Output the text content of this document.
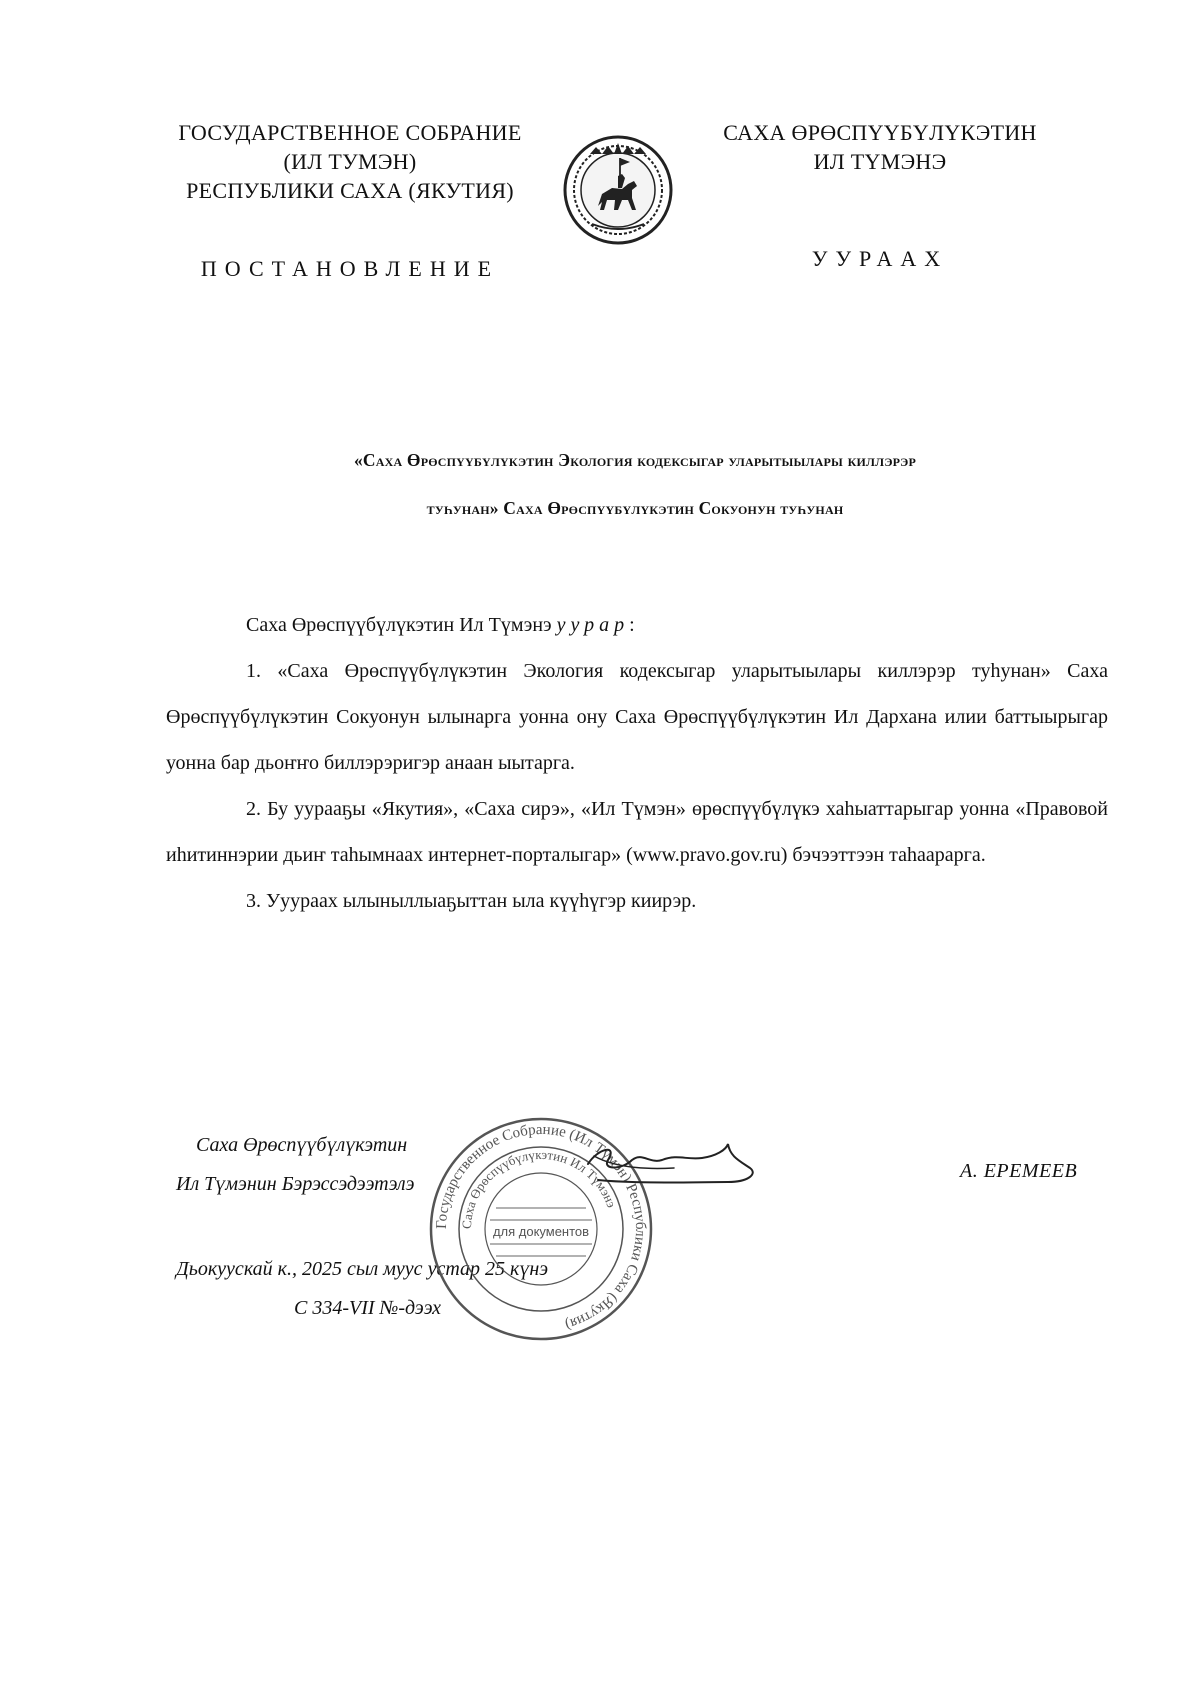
ГОСУДАРСТВЕННОЕ СОБРАНИЕ
(ИЛ ТУМЭН)
РЕСПУБЛИКИ САХА (ЯКУТИЯ)
ПОСТАНОВЛЕНИЕ
САХА ӨРӨСПҮҮБҮЛҮКЭТИН
ИЛ ТҮМЭНЭ
УУРААХ
«Саха Өрөспүүбүлүкэтин Экология кодексыгар уларытыылары киллэрэр
туһунан» Саха Өрөспүүбүлүкэтин Сокуонун туһунан

Саха Өрөспүүбүлүкэтин Ил Түмэнэ уурар:

1. «Саха Өрөспүүбүлүкэтин Экология кодексыгар уларытыылары киллэрэр туһунан» Саха Өрөспүүбүлүкэтин Сокуонун ылынарга уонна ону Саха Өрөспүүбүлүкэтин Ил Дархана илии баттыырыгар уонна бар дьоҥҥо биллэрэригэр анаан ыытарга.

2. Бу уурааҕы «Якутия», «Саха сирэ», «Ил Түмэн» өрөспүүбүлүкэ хаһыаттарыгар уонна «Правовой иһитиннэрии дьиҥ таһымнаах интернет-порталыгар» (www.pravo.gov.ru) бэчээттээн таһаарарга.

3. Ууураах ылыныллыаҕыттан ыла күүһүгэр киирэр.

Саха Өрөспүүбүлүкэтин
Ил Түмэнин Бэрэссэдээтэлэ
А. ЕРЕМЕЕВ
Дьокуускай к., 2025 сыл муус устар 25 күнэ
С 334-VII №-дээх
Государственное Собрание (Ил Түмэн) Республики Саха (Якутия)
Саха Өрөспүүбүлүкэтин Ил Түмэнэ
для документов
